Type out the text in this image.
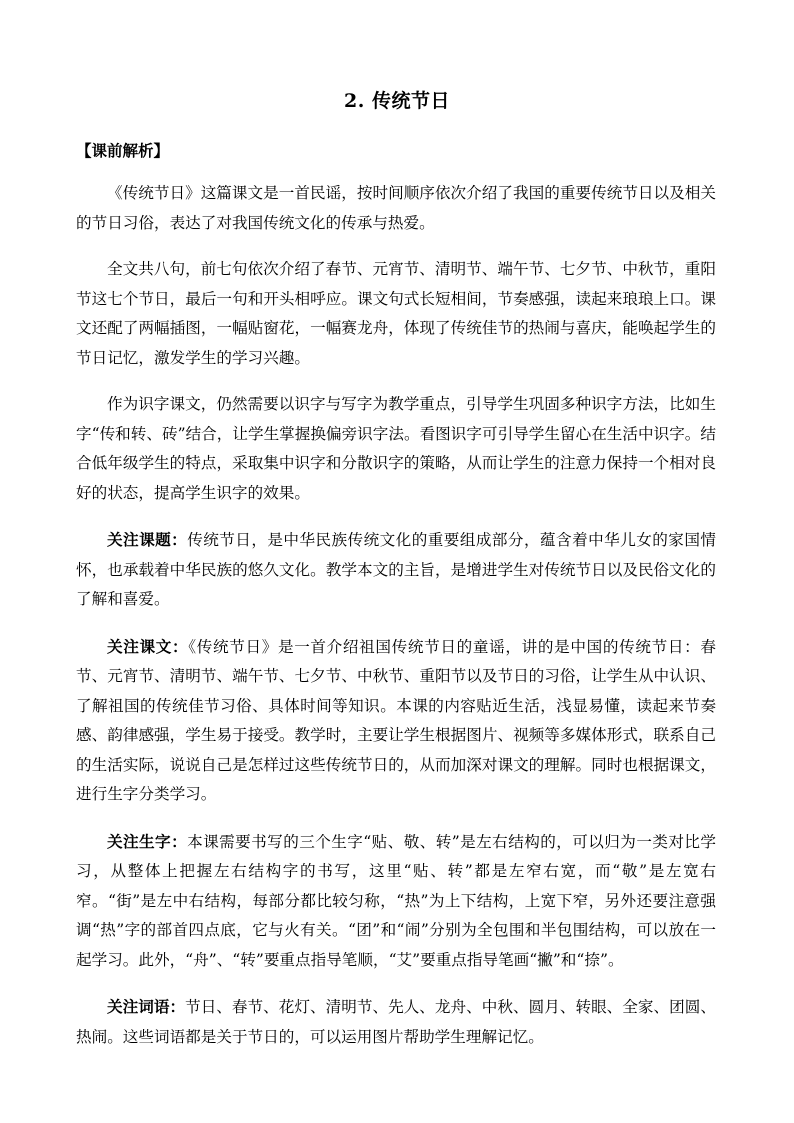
2. 传统节日
【课前解析】

《传统节日》这篇课文是一首民谣，按时间顺序依次介绍了我国的重要传统节日以及相关的节日习俗，表达了对我国传统文化的传承与热爱。

全文共八句，前七句依次介绍了春节、元宵节、清明节、端午节、七夕节、中秋节，重阳节这七个节日，最后一句和开头相呼应。课文句式长短相间，节奏感强，读起来琅琅上口。课文还配了两幅插图，一幅贴窗花，一幅赛龙舟，体现了传统佳节的热闹与喜庆，能唤起学生的节日记忆，激发学生的学习兴趣。

作为识字课文，仍然需要以识字与写字为教学重点，引导学生巩固多种识字方法，比如生字“传和转、砖”结合，让学生掌握换偏旁识字法。看图识字可引导学生留心在生活中识字。结合低年级学生的特点，采取集中识字和分散识字的策略，从而让学生的注意力保持一个相对良好的状态，提高学生识字的效果。

关注课题：传统节日，是中华民族传统文化的重要组成部分，蕴含着中华儿女的家国情怀，也承载着中华民族的悠久文化。教学本文的主旨，是增进学生对传统节日以及民俗文化的了解和喜爱。

关注课文：《传统节日》是一首介绍祖国传统节日的童谣，讲的是中国的传统节日：春节、元宵节、清明节、端午节、七夕节、中秋节、重阳节以及节日的习俗，让学生从中认识、了解祖国的传统佳节习俗、具体时间等知识。本课的内容贴近生活，浅显易懂，读起来节奏感、韵律感强，学生易于接受。教学时，主要让学生根据图片、视频等多媒体形式，联系自己的生活实际，说说自己是怎样过这些传统节日的，从而加深对课文的理解。同时也根据课文，进行生字分类学习。

关注生字：本课需要书写的三个生字“贴、敬、转”是左右结构的，可以归为一类对比学习，从整体上把握左右结构字的书写，这里“贴、转”都是左窄右宽，而“敬”是左宽右窄。“街”是左中右结构，每部分都比较匀称，“热”为上下结构，上宽下窄，另外还要注意强调“热”字的部首四点底，它与火有关。“团”和“闹”分别为全包围和半包围结构，可以放在一起学习。此外，“舟”、“转”要重点指导笔顺，“艾”要重点指导笔画“撇”和“捺”。

关注词语：节日、春节、花灯、清明节、先人、龙舟、中秋、圆月、转眼、全家、团圆、热闹。这些词语都是关于节日的，可以运用图片帮助学生理解记忆。
